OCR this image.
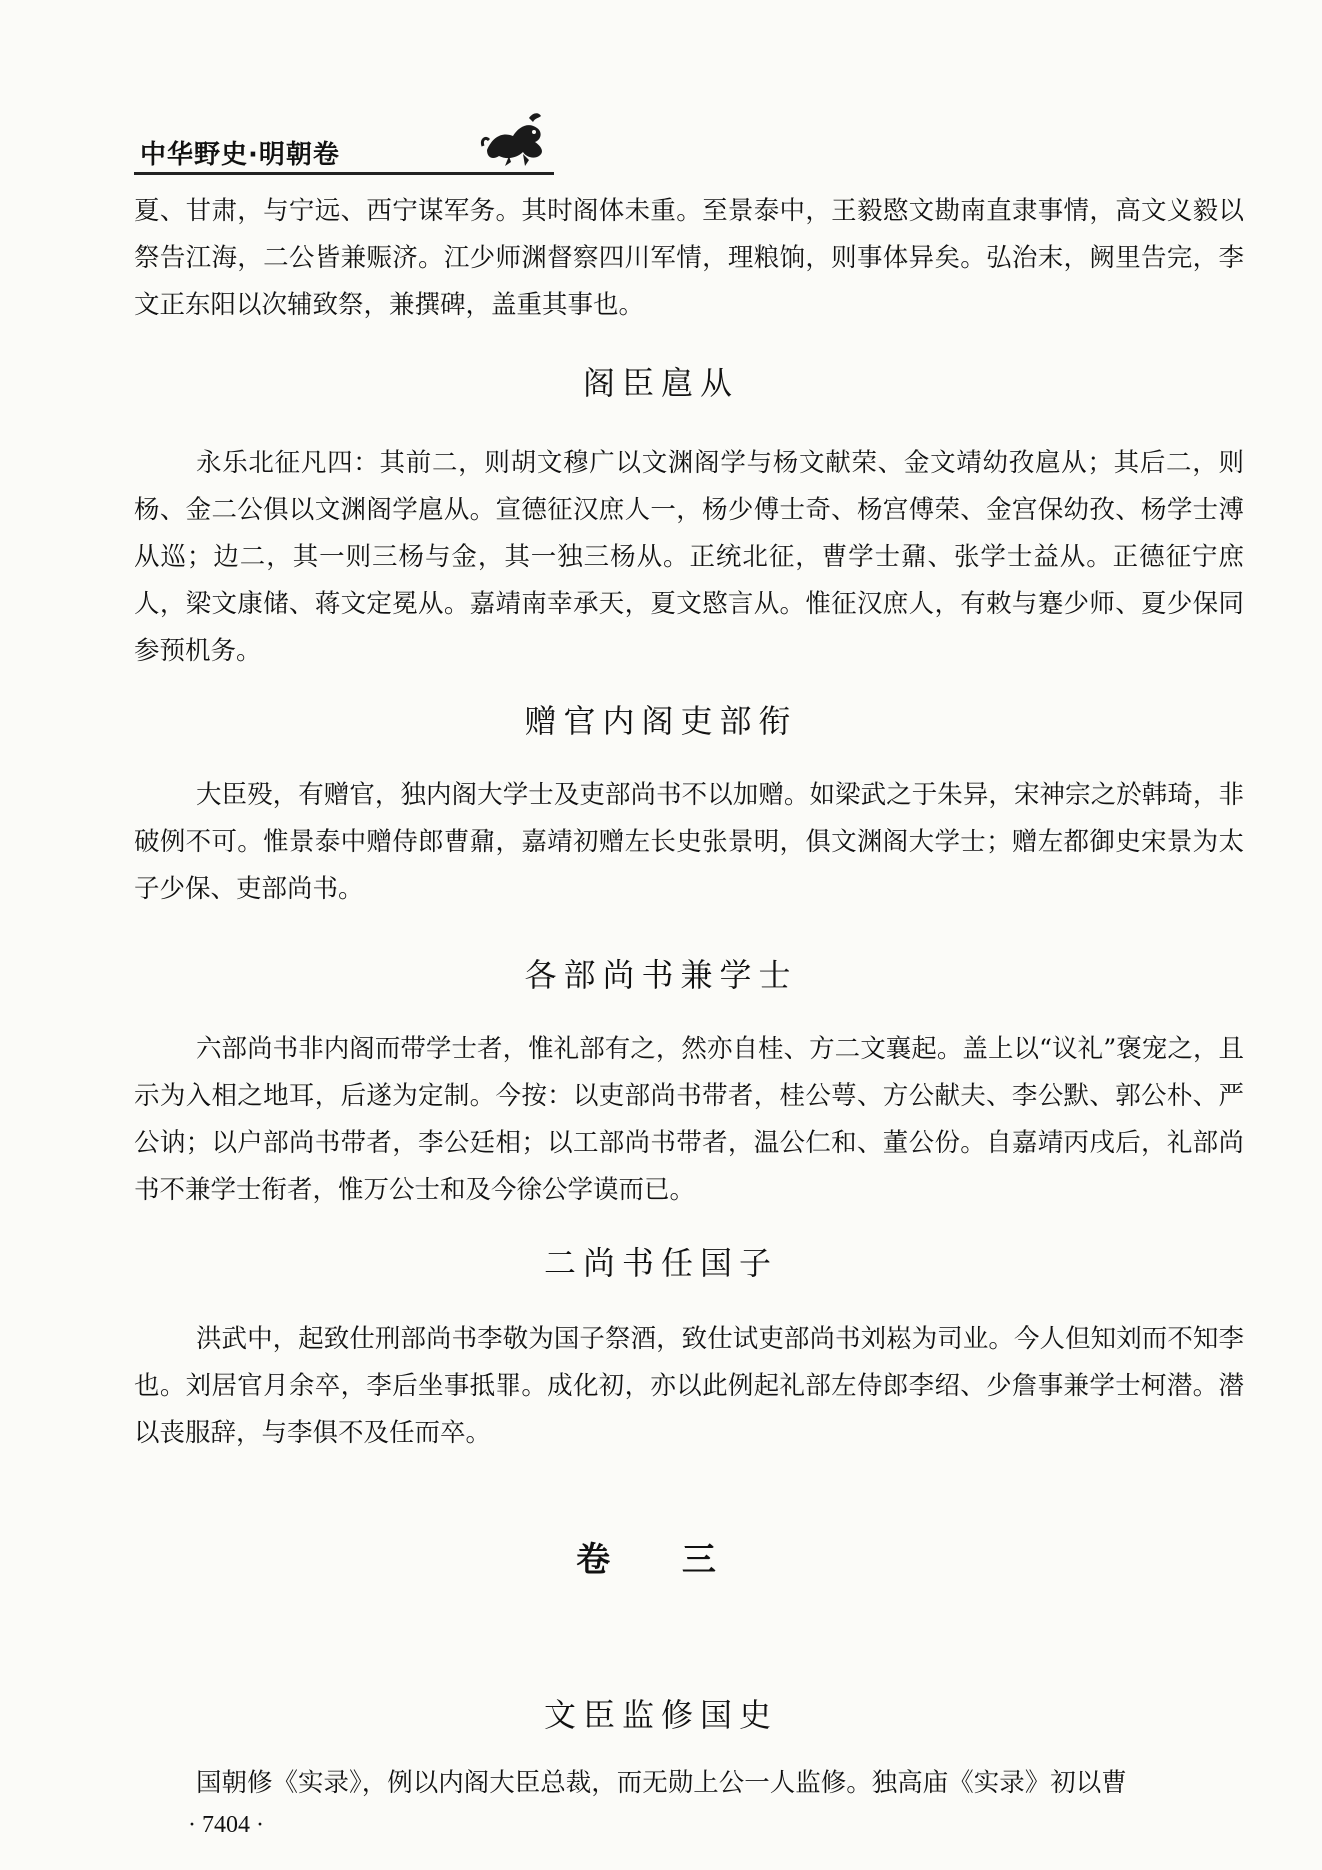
中华野史·明朝卷

夏、甘肃，与宁远、西宁谋军务。其时阁体未重。至景泰中，王毅愍文勘南直隶事情，高文义毅以祭告江海，二公皆兼赈济。江少师渊督察四川军情，理粮饷，则事体异矣。弘治末，阙里告完，李文正东阳以次辅致祭，兼撰碑，盖重其事也。

阁臣扈从

永乐北征凡四：其前二，则胡文穆广以文渊阁学与杨文献荣、金文靖幼孜扈从；其后二，则杨、金二公俱以文渊阁学扈从。宣德征汉庶人一，杨少傅士奇、杨宫傅荣、金宫保幼孜、杨学士溥从巡；边二，其一则三杨与金，其一独三杨从。正统北征，曹学士鼐、张学士益从。正德征宁庶人，梁文康储、蒋文定冕从。嘉靖南幸承天，夏文愍言从。惟征汉庶人，有敕与蹇少师、夏少保同参预机务。

赠官内阁吏部衔

大臣殁，有赠官，独内阁大学士及吏部尚书不以加赠。如梁武之于朱异，宋神宗之於韩琦，非破例不可。惟景泰中赠侍郎曹鼐，嘉靖初赠左长史张景明，俱文渊阁大学士；赠左都御史宋景为太子少保、吏部尚书。

各部尚书兼学士

六部尚书非内阁而带学士者，惟礼部有之，然亦自桂、方二文襄起。盖上以“议礼”褒宠之，且示为入相之地耳，后遂为定制。今按：以吏部尚书带者，桂公萼、方公献夫、李公默、郭公朴、严公讷；以户部尚书带者，李公廷相；以工部尚书带者，温公仁和、董公份。自嘉靖丙戌后，礼部尚书不兼学士衔者，惟万公士和及今徐公学谟而已。

二尚书任国子

洪武中，起致仕刑部尚书李敬为国子祭酒，致仕试吏部尚书刘崧为司业。今人但知刘而不知李也。刘居官月余卒，李后坐事抵罪。成化初，亦以此例起礼部左侍郎李绍、少詹事兼学士柯潜。潜以丧服辞，与李俱不及任而卒。

卷 三
文臣监修国史

国朝修《实录》，例以内阁大臣总裁，而无勋上公一人监修。独高庙《实录》初以曹

· 7404 ·
